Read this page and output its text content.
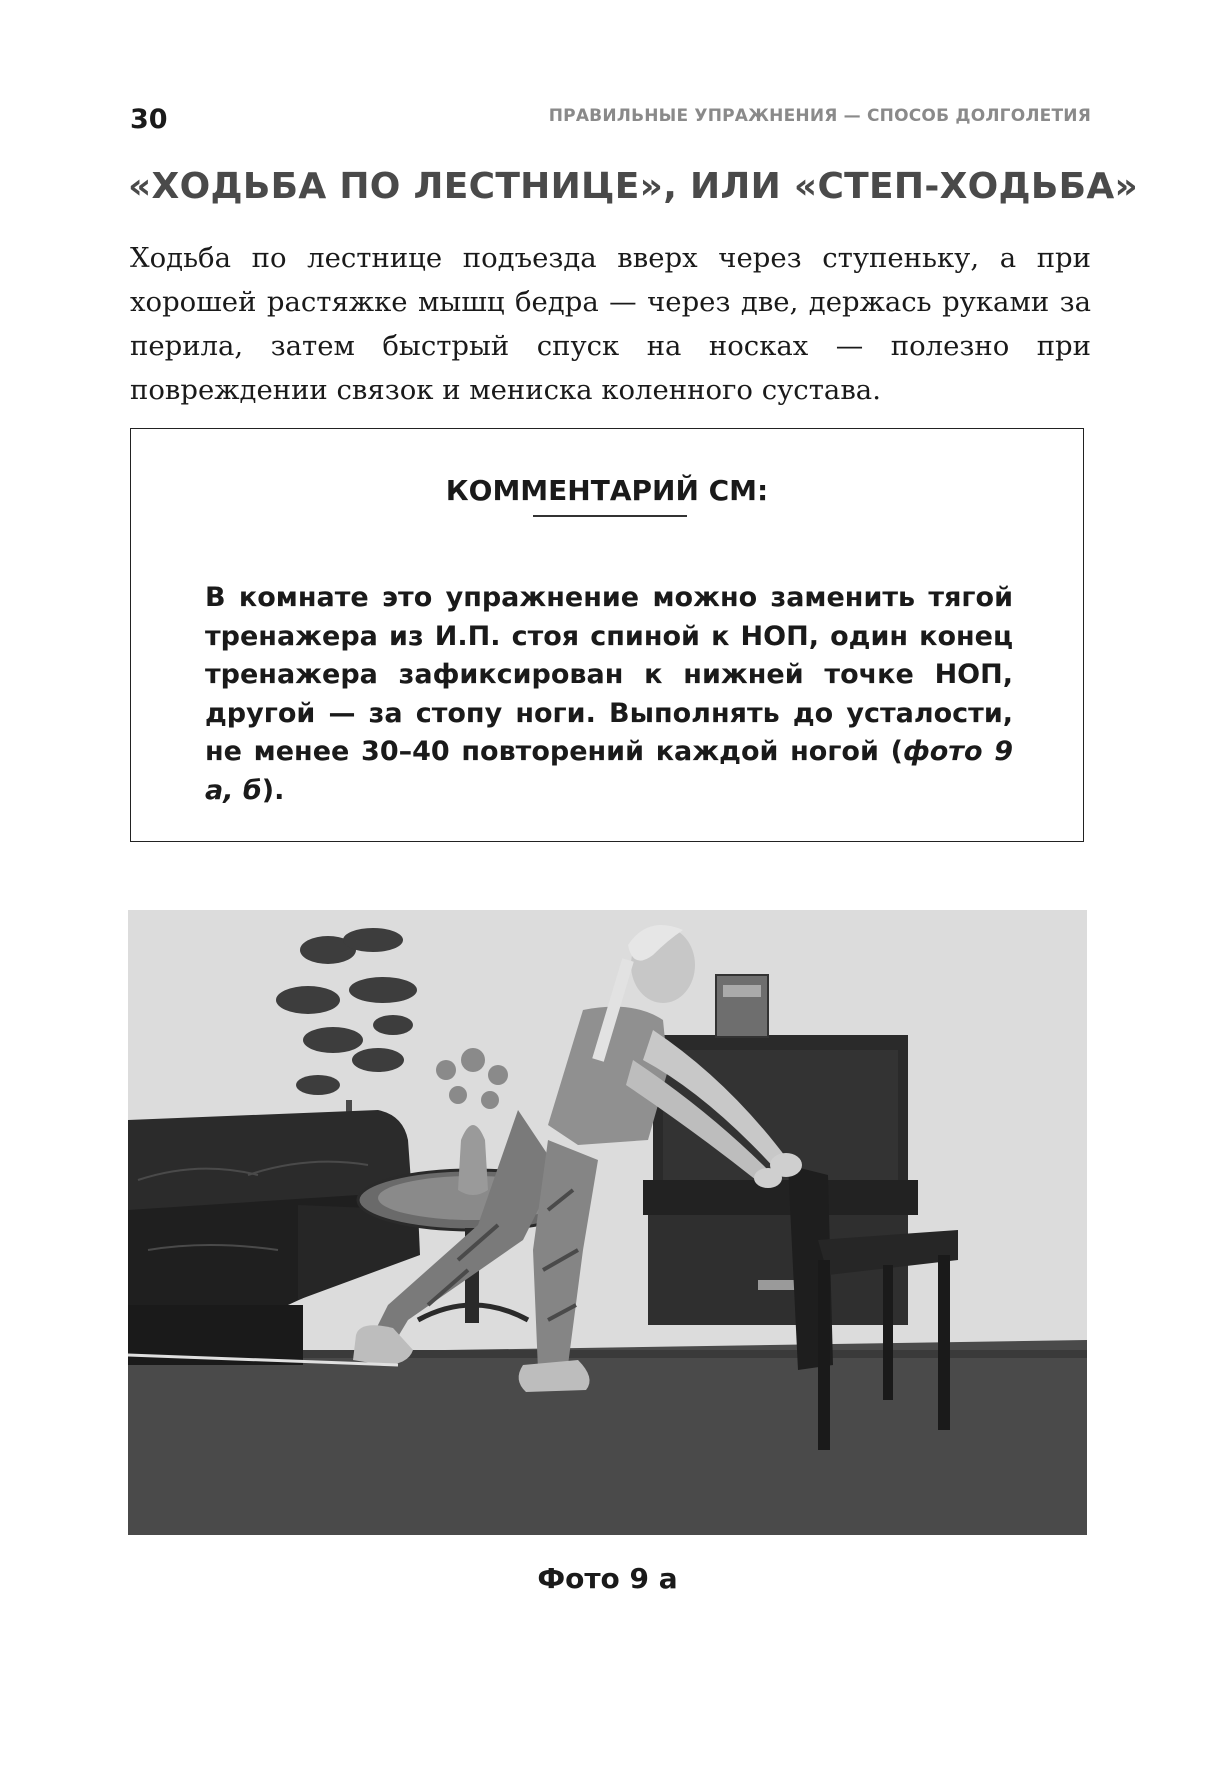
30	ПРАВИЛЬНЫЕ УПРАЖНЕНИЯ — СПОСОБ ДОЛГОЛЕТИЯ
«ХОДЬБА ПО ЛЕСТНИЦЕ», ИЛИ «СТЕП-ХОДЬБА»

Ходьба по лестнице подъезда вверх через ступеньку, а при хорошей растяжке мышц бедра — через две, держась руками за перила, затем быстрый спуск на носках — полезно при повреждении связок и мениска коленного сустава.

КОММЕНТАРИЙ СМ:

В комнате это упражнение можно заменить тягой тренажера из И.П. стоя спиной к НОП, один конец тренажера зафиксирован к нижней точке НОП, другой — за стопу ноги. Выполнять до усталости, не менее 30–40 повторений каждой ногой (фото 9 а, б).

Фото 9 а
